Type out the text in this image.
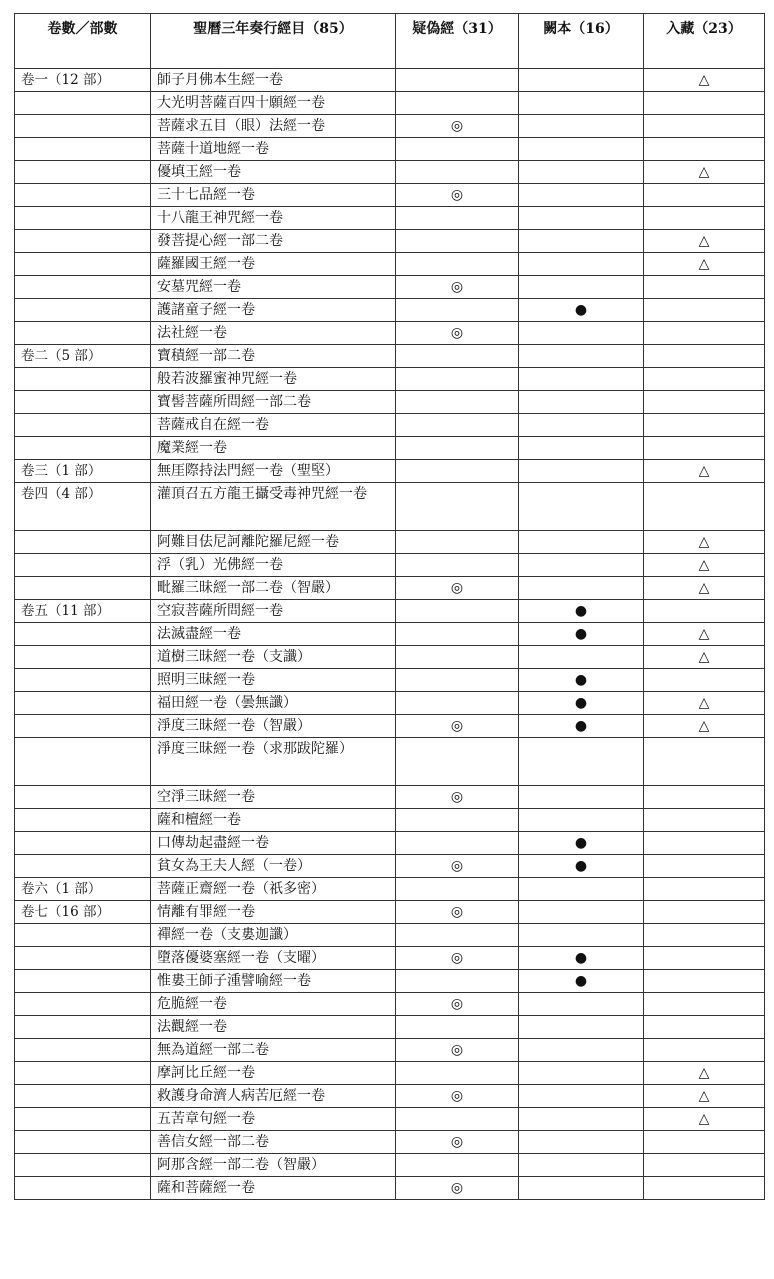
卷數／部數	聖曆三年奏行經目（85）	疑偽經（31）	闕本（16）	入藏（23）
卷一（12 部）	師子月佛本生經一卷			△
	大光明菩薩百四十願經一卷			
	菩薩求五目（眼）法經一卷	◎		
	菩薩十道地經一卷			
	優填王經一卷			△
	三十七品經一卷	◎		
	十八龍王神咒經一卷			
	發菩提心經一部二卷			△
	薩羅國王經一卷			△
	安墓咒經一卷	◎		
	護諸童子經一卷		●	
	法社經一卷	◎		
卷二（5 部）	寶積經一部二卷			
	般若波羅蜜神咒經一卷			
	寶髻菩薩所問經一部二卷			
	菩薩戒自在經一卷			
	魔業經一卷			
卷三（1 部）	無厓際持法門經一卷（聖堅）			△
卷四（4 部）	灌頂召五方龍王攝受毒神咒經一卷			
	阿難目佉尼訶離陀羅尼經一卷			△
	浮（乳）光佛經一卷			△
	毗羅三昧經一部二卷（智嚴）	◎		△
卷五（11 部）	空寂菩薩所問經一卷		●	
	法滅盡經一卷		●	△
	道樹三昧經一卷（支讖）			△
	照明三昧經一卷		●	
	福田經一卷（曇無讖）		●	△
	淨度三昧經一卷（智嚴）	◎	●	△
	淨度三昧經一卷（求那跋陀羅）			
	空淨三昧經一卷	◎		
	薩和檀經一卷			
	口傳劫起盡經一卷		●	
	貧女為王夫人經（一卷）	◎	●	
卷六（1 部）	菩薩正齋經一卷（祇多密）			
卷七（16 部）	情離有罪經一卷	◎		
	禪經一卷（支婁迦讖）			
	墮落優婆塞經一卷（支曜）	◎	●	
	惟婁王師子湩譬喻經一卷		●	
	危脆經一卷	◎		
	法觀經一卷			
	無為道經一部二卷	◎		
	摩訶比丘經一卷			△
	救護身命濟人病苦厄經一卷	◎		△
	五苦章句經一卷			△
	善信女經一部二卷	◎		
	阿那含經一部二卷（智嚴）			
	薩和菩薩經一卷	◎		
